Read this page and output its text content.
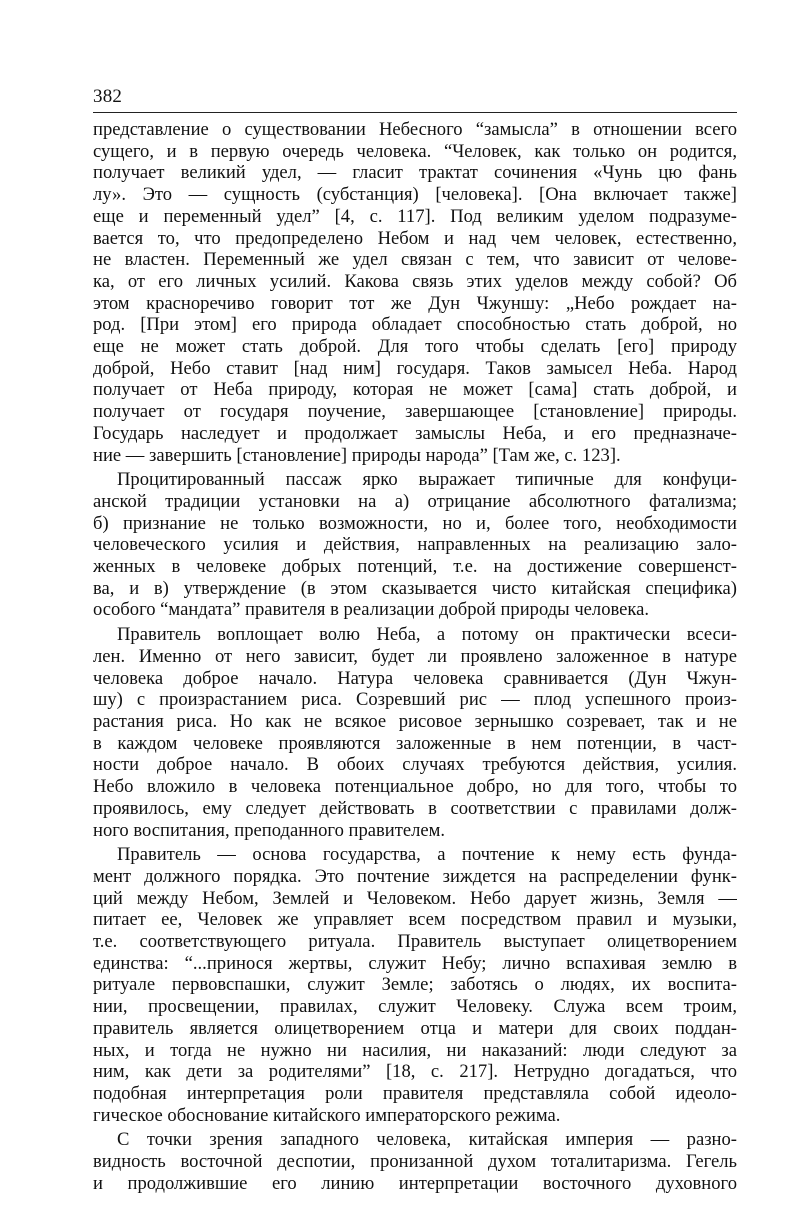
382

представление о существовании Небесного “замысла” в отношении всего
сущего, и в первую очередь человека. “Человек, как только он родится,
получает великий удел, — гласит трактат сочинения «Чунь цю фань
лу». Это — сущность (субстанция) [человека]. [Она включает также]
еще и переменный удел” [4, с. 117]. Под великим уделом подразуме-
вается то, что предопределено Небом и над чем человек, естественно,
не властен. Переменный же удел связан с тем, что зависит от челове-
ка, от его личных усилий. Какова связь этих уделов между собой? Об
этом красноречиво говорит тот же Дун Чжуншу: „Небо рождает на-
род. [При этом] его природа обладает способностью стать доброй, но
еще не может стать доброй. Для того чтобы сделать [его] природу
доброй, Небо ставит [над ним] государя. Таков замысел Неба. Народ
получает от Неба природу, которая не может [сама] стать доброй, и
получает от государя поучение, завершающее [становление] природы.
Государь наследует и продолжает замыслы Неба, и его предназначе-
ние — завершить [становление] природы народа” [Там же, с. 123].

Процитированный пассаж ярко выражает типичные для конфуци-
анской традиции установки на а) отрицание абсолютного фатализма;
б) признание не только возможности, но и, более того, необходимости
человеческого усилия и действия, направленных на реализацию зало-
женных в человеке добрых потенций, т.е. на достижение совершенст-
ва, и в) утверждение (в этом сказывается чисто китайская специфика)
особого “мандата” правителя в реализации доброй природы человека.

Правитель воплощает волю Неба, а потому он практически всеси-
лен. Именно от него зависит, будет ли проявлено заложенное в натуре
человека доброе начало. Натура человека сравнивается (Дун Чжун-
шу) с произрастанием риса. Созревший рис — плод успешного произ-
растания риса. Но как не всякое рисовое зернышко созревает, так и не
в каждом человеке проявляются заложенные в нем потенции, в част-
ности доброе начало. В обоих случаях требуются действия, усилия.
Небо вложило в человека потенциальное добро, но для того, чтобы то
проявилось, ему следует действовать в соответствии с правилами долж-
ного воспитания, преподанного правителем.

Правитель — основа государства, а почтение к нему есть фунда-
мент должного порядка. Это почтение зиждется на распределении функ-
ций между Небом, Землей и Человеком. Небо дарует жизнь, Земля —
питает ее, Человек же управляет всем посредством правил и музыки,
т.е. соответствующего ритуала. Правитель выступает олицетворением
единства: “...принося жертвы, служит Небу; лично вспахивая землю в
ритуале первовспашки, служит Земле; заботясь о людях, их воспита-
нии, просвещении, правилах, служит Человеку. Служа всем троим,
правитель является олицетворением отца и матери для своих поддан-
ных, и тогда не нужно ни насилия, ни наказаний: люди следуют за
ним, как дети за родителями” [18, с. 217]. Нетрудно догадаться, что
подобная интерпретация роли правителя представляла собой идеоло-
гическое обоснование китайского императорского режима.

С точки зрения западного человека, китайская империя — разно-
видность восточной деспотии, пронизанной духом тоталитаризма. Гегель
и продолжившие его линию интерпретации восточного духовного
